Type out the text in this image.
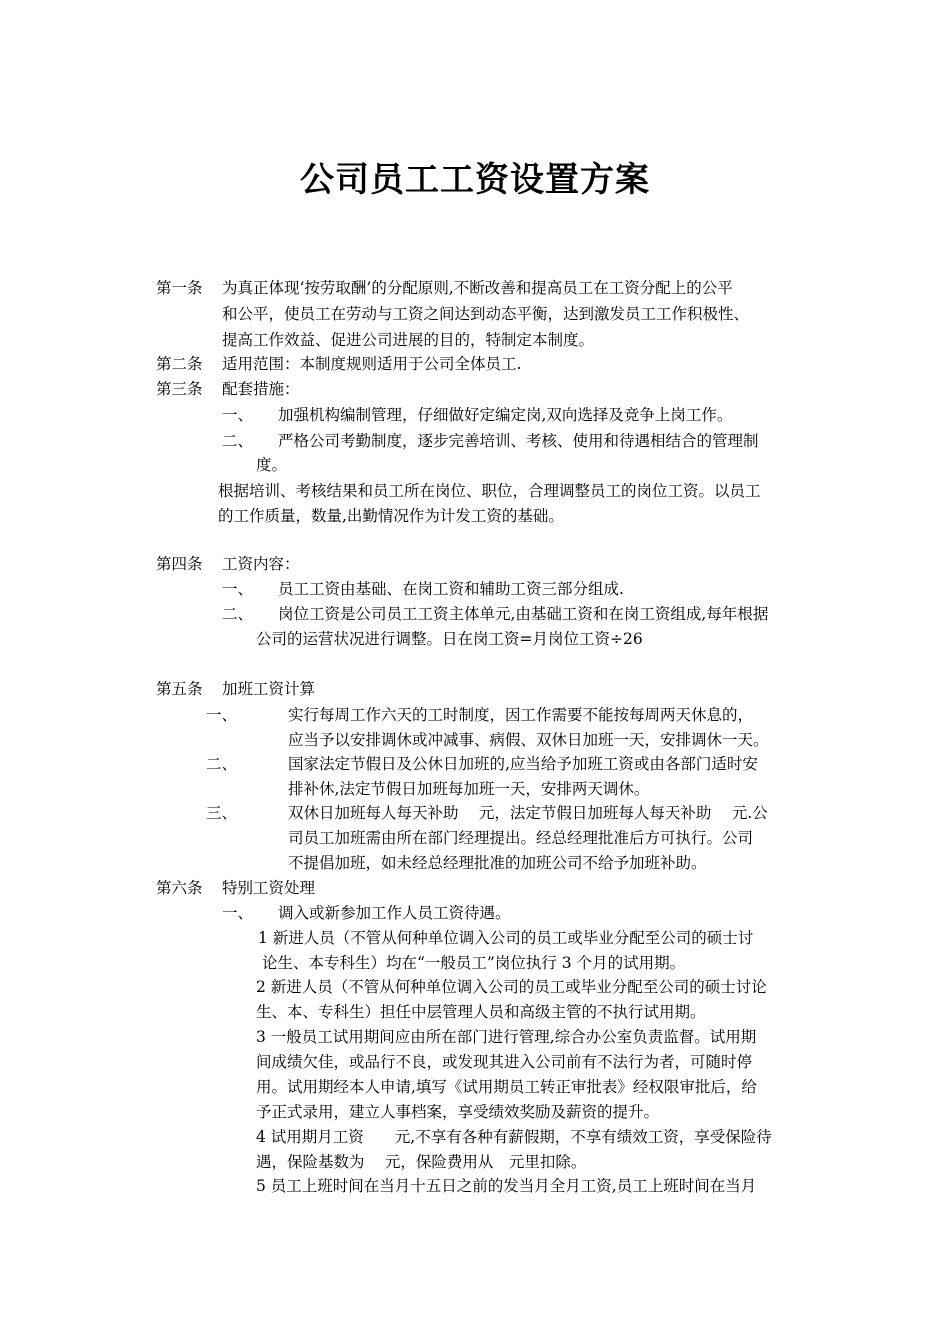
公司员工工资设置方案
第一条 为真正体现‘按劳取酬’的分配原则,不断改善和提高员工在工资分配上的公平
和公平，使员工在劳动与工资之间达到动态平衡，达到激发员工工作积极性、
提高工作效益、促进公司进展的目的，特制定本制度。
第二条 适用范围：本制度规则适用于公司全体员工.
第三条 配套措施：
一、 加强机构编制管理，仔细做好定编定岗,双向选择及竞争上岗工作。
二、 严格公司考勤制度，逐步完善培训、考核、使用和待遇相结合的管理制
度。
根据培训、考核结果和员工所在岗位、职位，合理调整员工的岗位工资。以员工
的工作质量，数量,出勤情况作为计发工资的基础。
第四条 工资内容：
一、 员工工资由基础、在岗工资和辅助工资三部分组成.
二、 岗位工资是公司员工工资主体单元,由基础工资和在岗工资组成,每年根据
公司的运营状况进行调整。日在岗工资=月岗位工资÷26
第五条 加班工资计算
一、	实行每周工作六天的工时制度，因工作需要不能按每周两天休息的，
应当予以安排调休或冲减事、病假、双休日加班一天，安排调休一天。
二、	国家法定节假日及公休日加班的,应当给予加班工资或由各部门适时安
排补休,法定节假日加班每加班一天，安排两天调休。
三、	双休日加班每人每天补助　 元，法定节假日加班每人每天补助　 元.公
司员工加班需由所在部门经理提出。经总经理批准后方可执行。公司
不提倡加班，如未经总经理批准的加班公司不给予加班补助。
第六条 特别工资处理
一、 调入或新参加工作人员工资待遇。
1 新进人员（不管从何种单位调入公司的员工或毕业分配至公司的硕士讨
论生、本专科生）均在“一般员工”岗位执行 3 个月的试用期。
2 新进人员（不管从何种单位调入公司的员工或毕业分配至公司的硕士讨论
生、本、专科生）担任中层管理人员和高级主管的不执行试用期。
3 一般员工试用期间应由所在部门进行管理,综合办公室负责监督。试用期
间成绩欠佳，或品行不良，或发现其进入公司前有不法行为者，可随时停
用。试用期经本人申请,填写《试用期员工转正审批表》经权限审批后，给
予正式录用，建立人事档案，享受绩效奖励及薪资的提升。
4 试用期月工资　　元,不享有各种有薪假期，不享有绩效工资，享受保险待
遇，保险基数为　 元，保险费用从　元里扣除。
5 员工上班时间在当月十五日之前的发当月全月工资,员工上班时间在当月
